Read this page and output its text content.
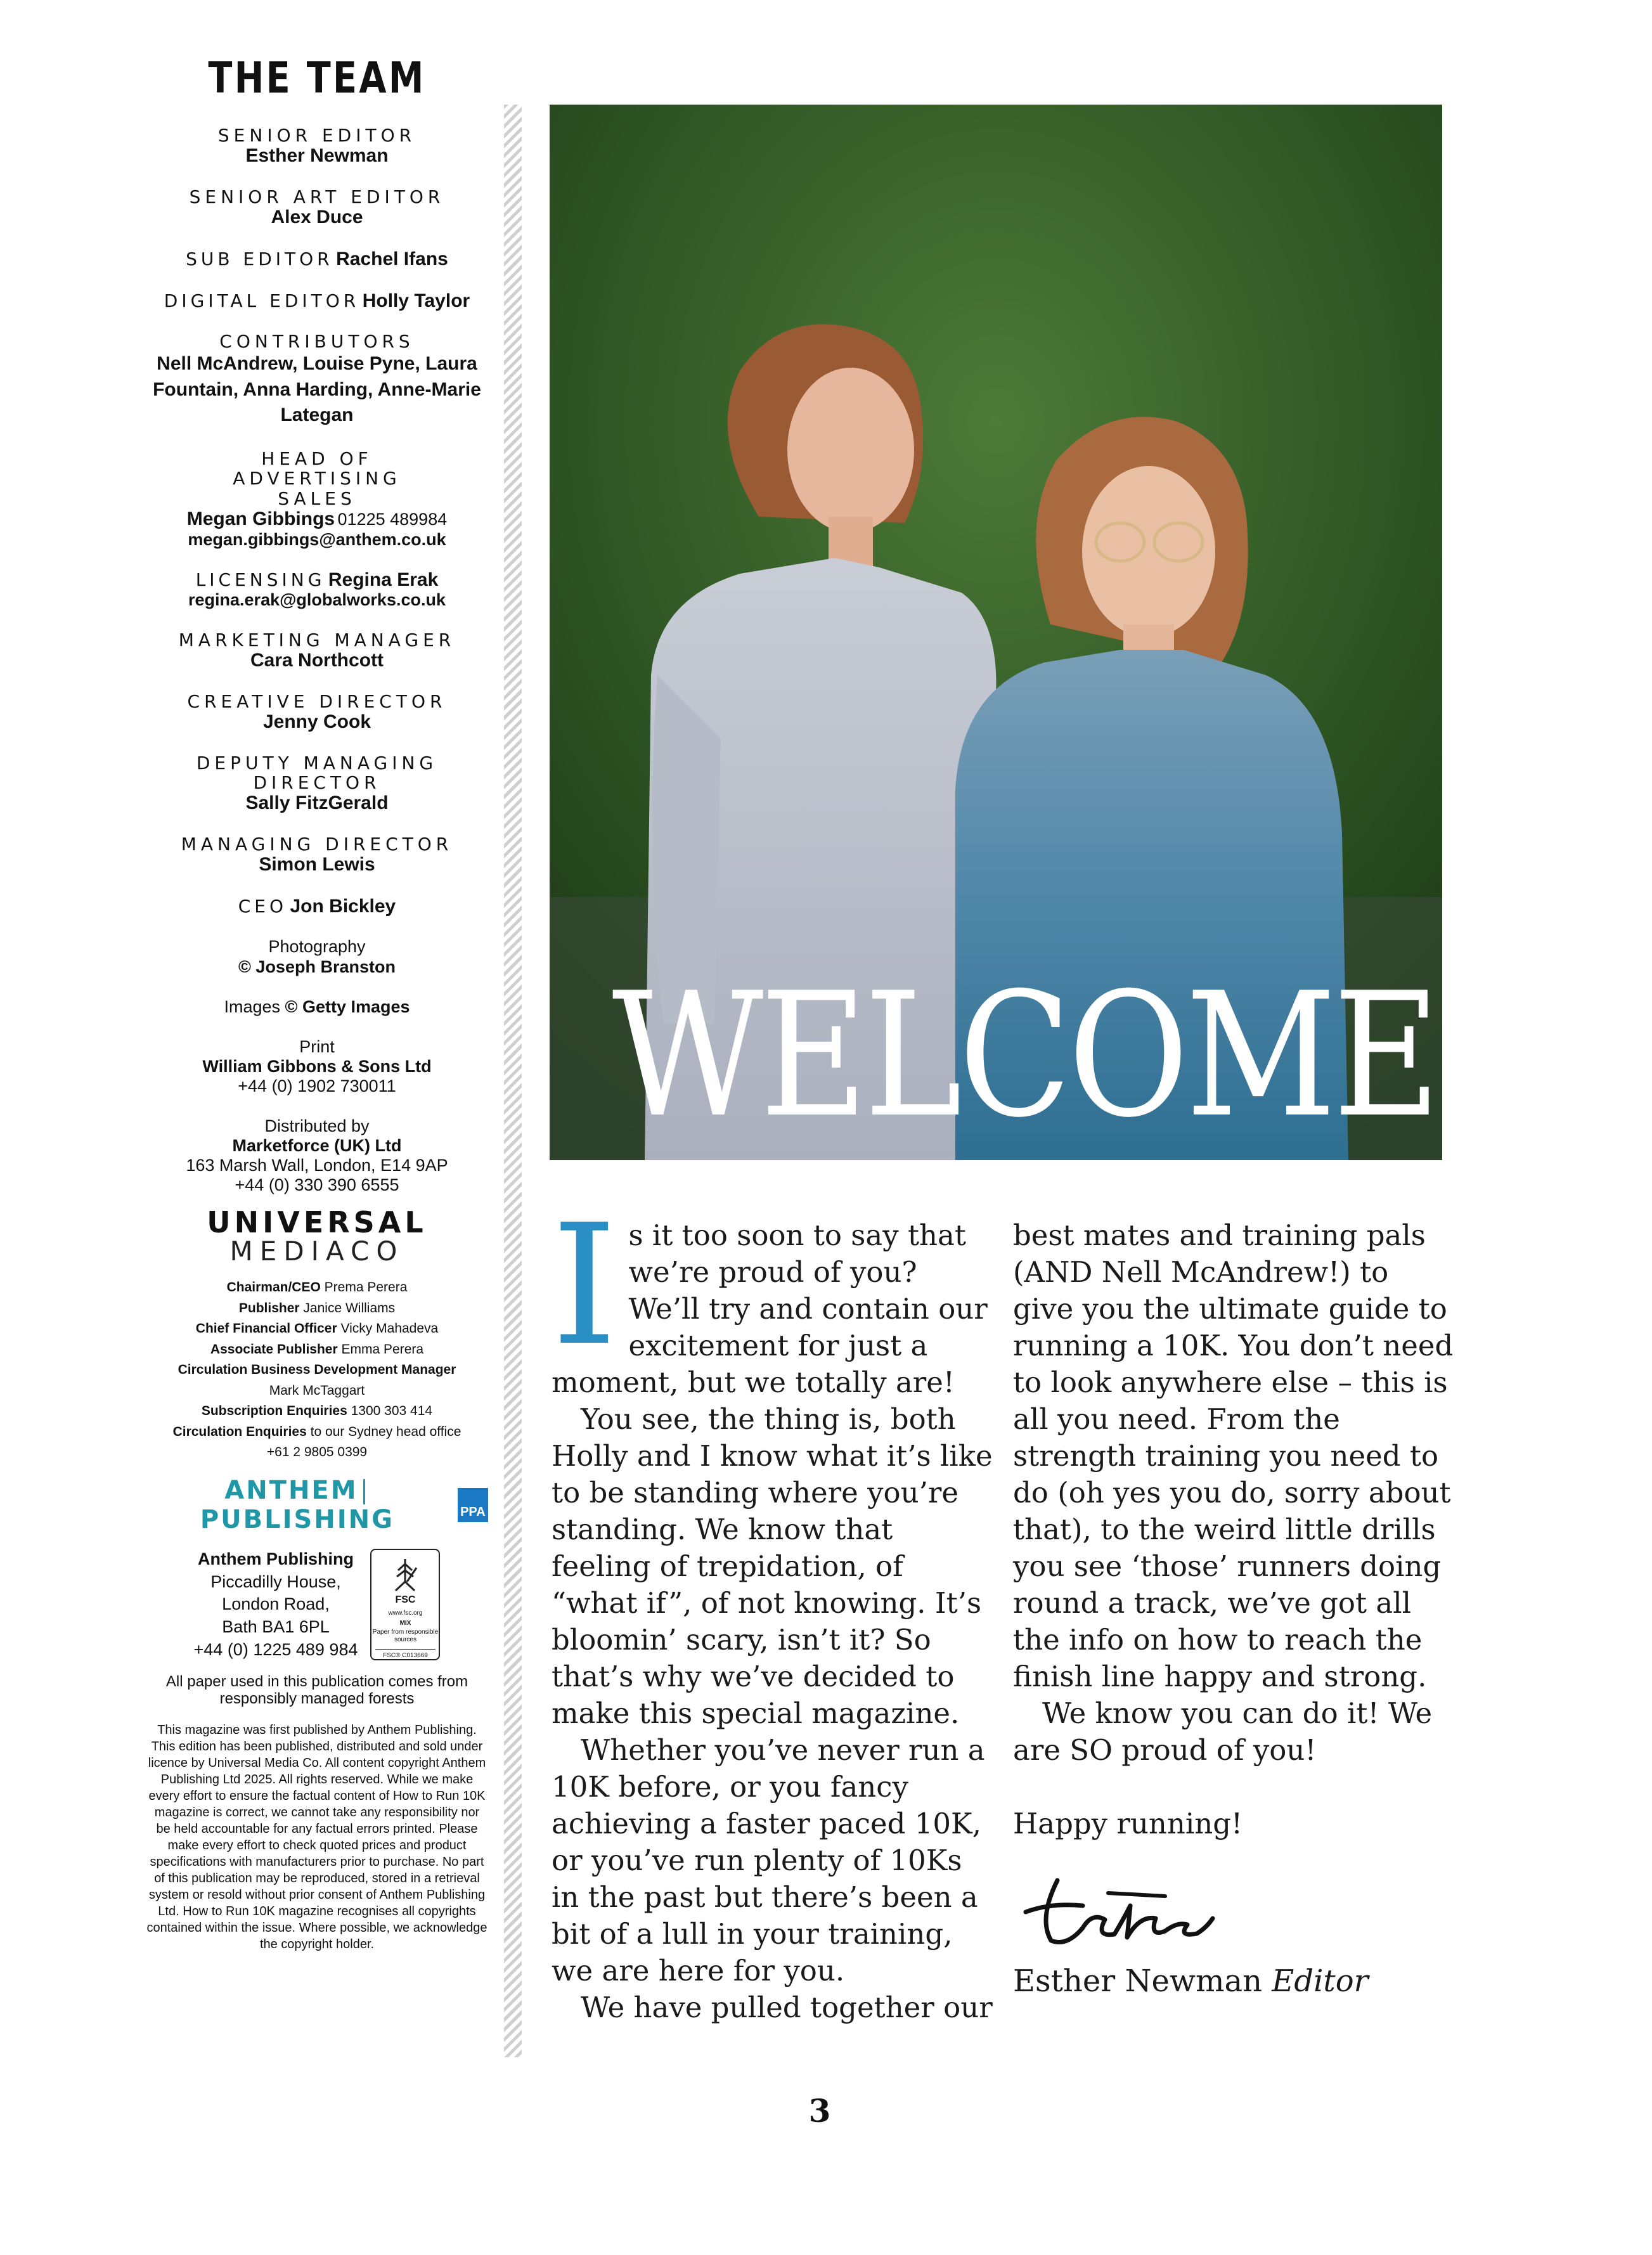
THE TEAM
SENIOR EDITOR
Esther Newman
SENIOR ART EDITOR
Alex Duce
SUB EDITOR Rachel Ifans
DIGITAL EDITOR Holly Taylor
CONTRIBUTORS
Nell McAndrew, Louise Pyne, Laura Fountain, Anna Harding, Anne-Marie Lategan
HEAD OF ADVERTISING SALES
Megan Gibbings 01225 489984
megan.gibbings@anthem.co.uk
LICENSING Regina Erak
regina.erak@globalworks.co.uk
MARKETING MANAGER
Cara Northcott
CREATIVE DIRECTOR
Jenny Cook
DEPUTY MANAGING DIRECTOR
Sally FitzGerald
MANAGING DIRECTOR
Simon Lewis
CEO Jon Bickley
Photography
© Joseph Branston
Images © Getty Images
Print
William Gibbons & Sons Ltd
+44 (0) 1902 730011
Distributed by
Marketforce (UK) Ltd
163 Marsh Wall, London, E14 9AP
+44 (0) 330 390 6555
UNIVERSAL
MEDIACO
Chairman/CEO Prema Perera
Publisher Janice Williams
Chief Financial Officer Vicky Mahadeva
Associate Publisher Emma Perera
Circulation Business Development Manager
Mark McTaggart
Subscription Enquiries 1300 303 414
Circulation Enquiries to our Sydney head office
+61 2 9805 0399
ANTHEMPUBLISHING	PPA
Anthem Publishing
Piccadilly House,
London Road,
Bath BA1 6PL
+44 (0) 1225 489 984
FSC
www.fsc.org
MIX
Paper from responsible sources
FSC® C013669
All paper used in this publication comes from responsibly managed forests
This magazine was first published by Anthem Publishing. This edition has been published, distributed and sold under licence by Universal Media Co. All content copyright Anthem Publishing Ltd 2025. All rights reserved. While we make every effort to ensure the factual content of How to Run 10K magazine is correct, we cannot take any responsibility nor be held accountable for any factual errors printed. Please make every effort to check quoted prices and product specifications with manufacturers prior to purchase. No part of this publication may be reproduced, stored in a retrieval system or resold without prior consent of Anthem Publishing Ltd. How to Run 10K magazine recognises all copyrights contained within the issue. Where possible, we acknowledge the copyright holder.
WELCOME
I s it too soon to say that we’re proud of you? We’ll try and contain our excitement for just a moment, but we totally are!

You see, the thing is, both Holly and I know what it’s like to be standing where you’re standing. We know that feeling of trepidation, of “what if”, of not knowing. It’s bloomin’ scary, isn’t it? So that’s why we’ve decided to make this special magazine.

Whether you’ve never run a 10K before, or you fancy achieving a faster paced 10K, or you’ve run plenty of 10Ks in the past but there’s been a bit of a lull in your training, we are here for you.

We have pulled together our

best mates and training pals (AND Nell McAndrew!) to give you the ultimate guide to running a 10K. You don’t need to look anywhere else – this is all you need. From the strength training you need to do (oh yes you do, sorry about that), to the weird little drills you see ‘those’ runners doing round a track, we’ve got all the info on how to reach the finish line happy and strong.

We know you can do it! We are SO proud of you!

Happy running!

Esther Newman Editor
3
